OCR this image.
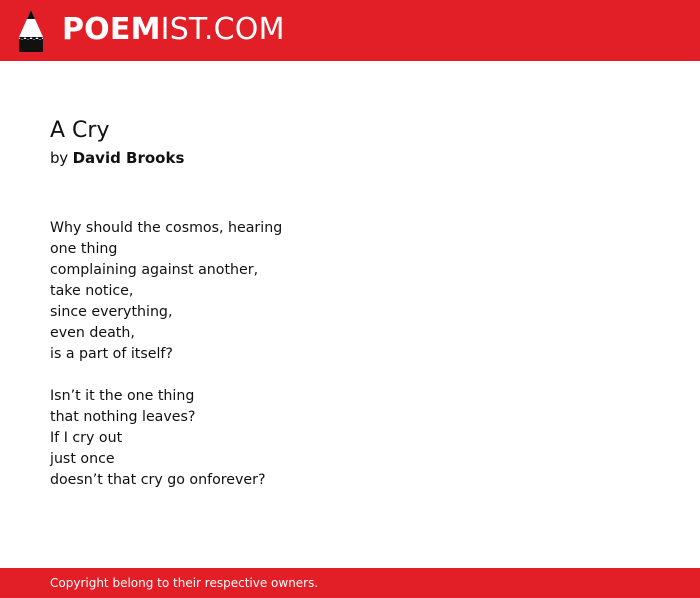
POEMIST.COM
A Cry
by David Brooks
Why should the cosmos, hearing
one thing
complaining against another,
take notice,
since everything,
even death,
is a part of itself?
Isn’t it the one thing
that nothing leaves?
If I cry out
just once
doesn’t that cry go onforever?
Copyright belong to their respective owners.
